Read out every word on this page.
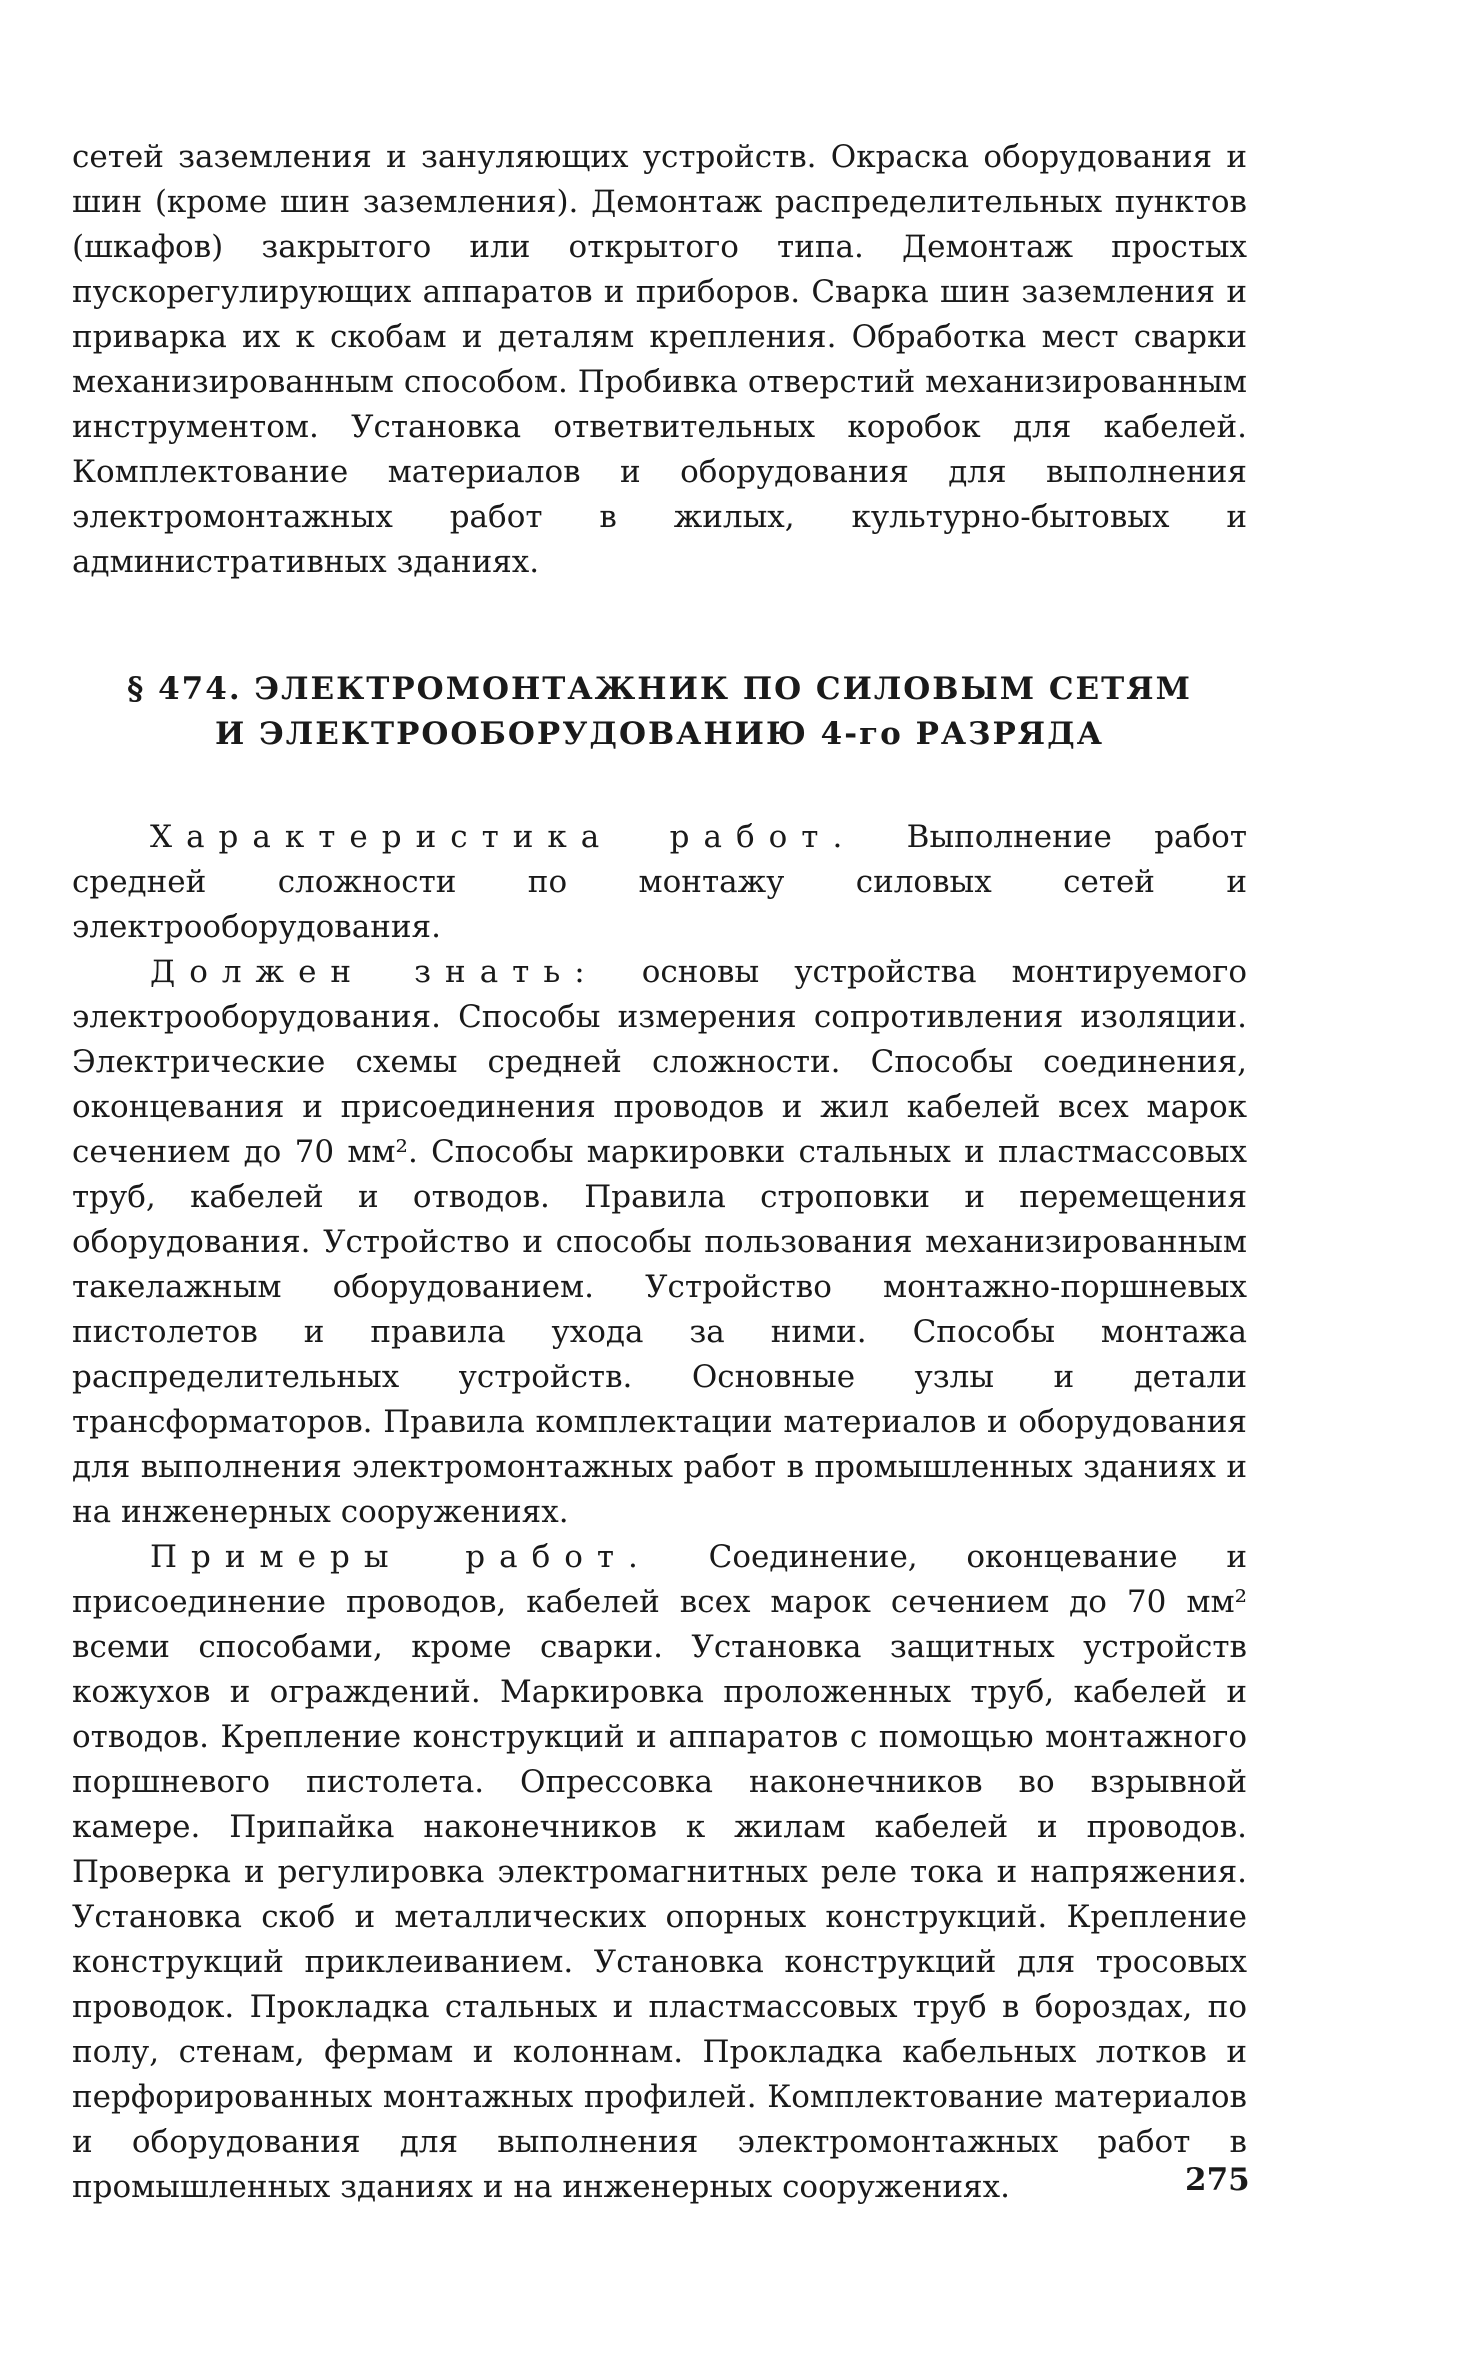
сетей заземления и зануляющих устройств. Окраска оборудования и шин (кроме шин заземления). Демонтаж распределительных пунктов (шкафов) закрытого или открытого типа. Демонтаж простых пускорегулирующих аппаратов и приборов. Сварка шин заземления и приварка их к скобам и деталям крепления. Обработка мест сварки механизированным способом. Пробивка отверстий механизированным инструментом. Установка ответвительных коробок для кабелей. Комплектование материалов и оборудования для выполнения электромонтажных работ в жилых, культурно-бытовых и административных зданиях.

§ 474. ЭЛЕКТРОМОНТАЖНИК ПО СИЛОВЫМ СЕТЯМ
И ЭЛЕКТРООБОРУДОВАНИЮ 4-го РАЗРЯДА

Характеристика работ. Выполнение работ средней сложности по монтажу силовых сетей и электрооборудования.

Должен знать: основы устройства монтируемого электрооборудования. Способы измерения сопротивления изоляции. Электрические схемы средней сложности. Способы соединения, оконцевания и присоединения проводов и жил кабелей всех марок сечением до 70 мм². Способы маркировки стальных и пластмассовых труб, кабелей и отводов. Правила строповки и перемещения оборудования. Устройство и способы пользования механизированным такелажным оборудованием. Устройство монтажно-поршневых пистолетов и правила ухода за ними. Способы монтажа распределительных устройств. Основные узлы и детали трансформаторов. Правила комплектации материалов и оборудования для выполнения электромонтажных работ в промышленных зданиях и на инженерных сооружениях.

Примеры работ. Соединение, оконцевание и присоединение проводов, кабелей всех марок сечением до 70 мм² всеми способами, кроме сварки. Установка защитных устройств кожухов и ограждений. Маркировка проложенных труб, кабелей и отводов. Крепление конструкций и аппаратов с помощью монтажного поршневого пистолета. Опрессовка наконечников во взрывной камере. Припайка наконечников к жилам кабелей и проводов. Проверка и регулировка электромагнитных реле тока и напряжения. Установка скоб и металлических опорных конструкций. Крепление конструкций приклеиванием. Установка конструкций для тросовых проводок. Прокладка стальных и пластмассовых труб в бороздах, по полу, стенам, фермам и колоннам. Прокладка кабельных лотков и перфорированных монтажных профилей. Комплектование материалов и оборудования для выполнения электромонтажных работ в промышленных зданиях и на инженерных сооружениях.	275
